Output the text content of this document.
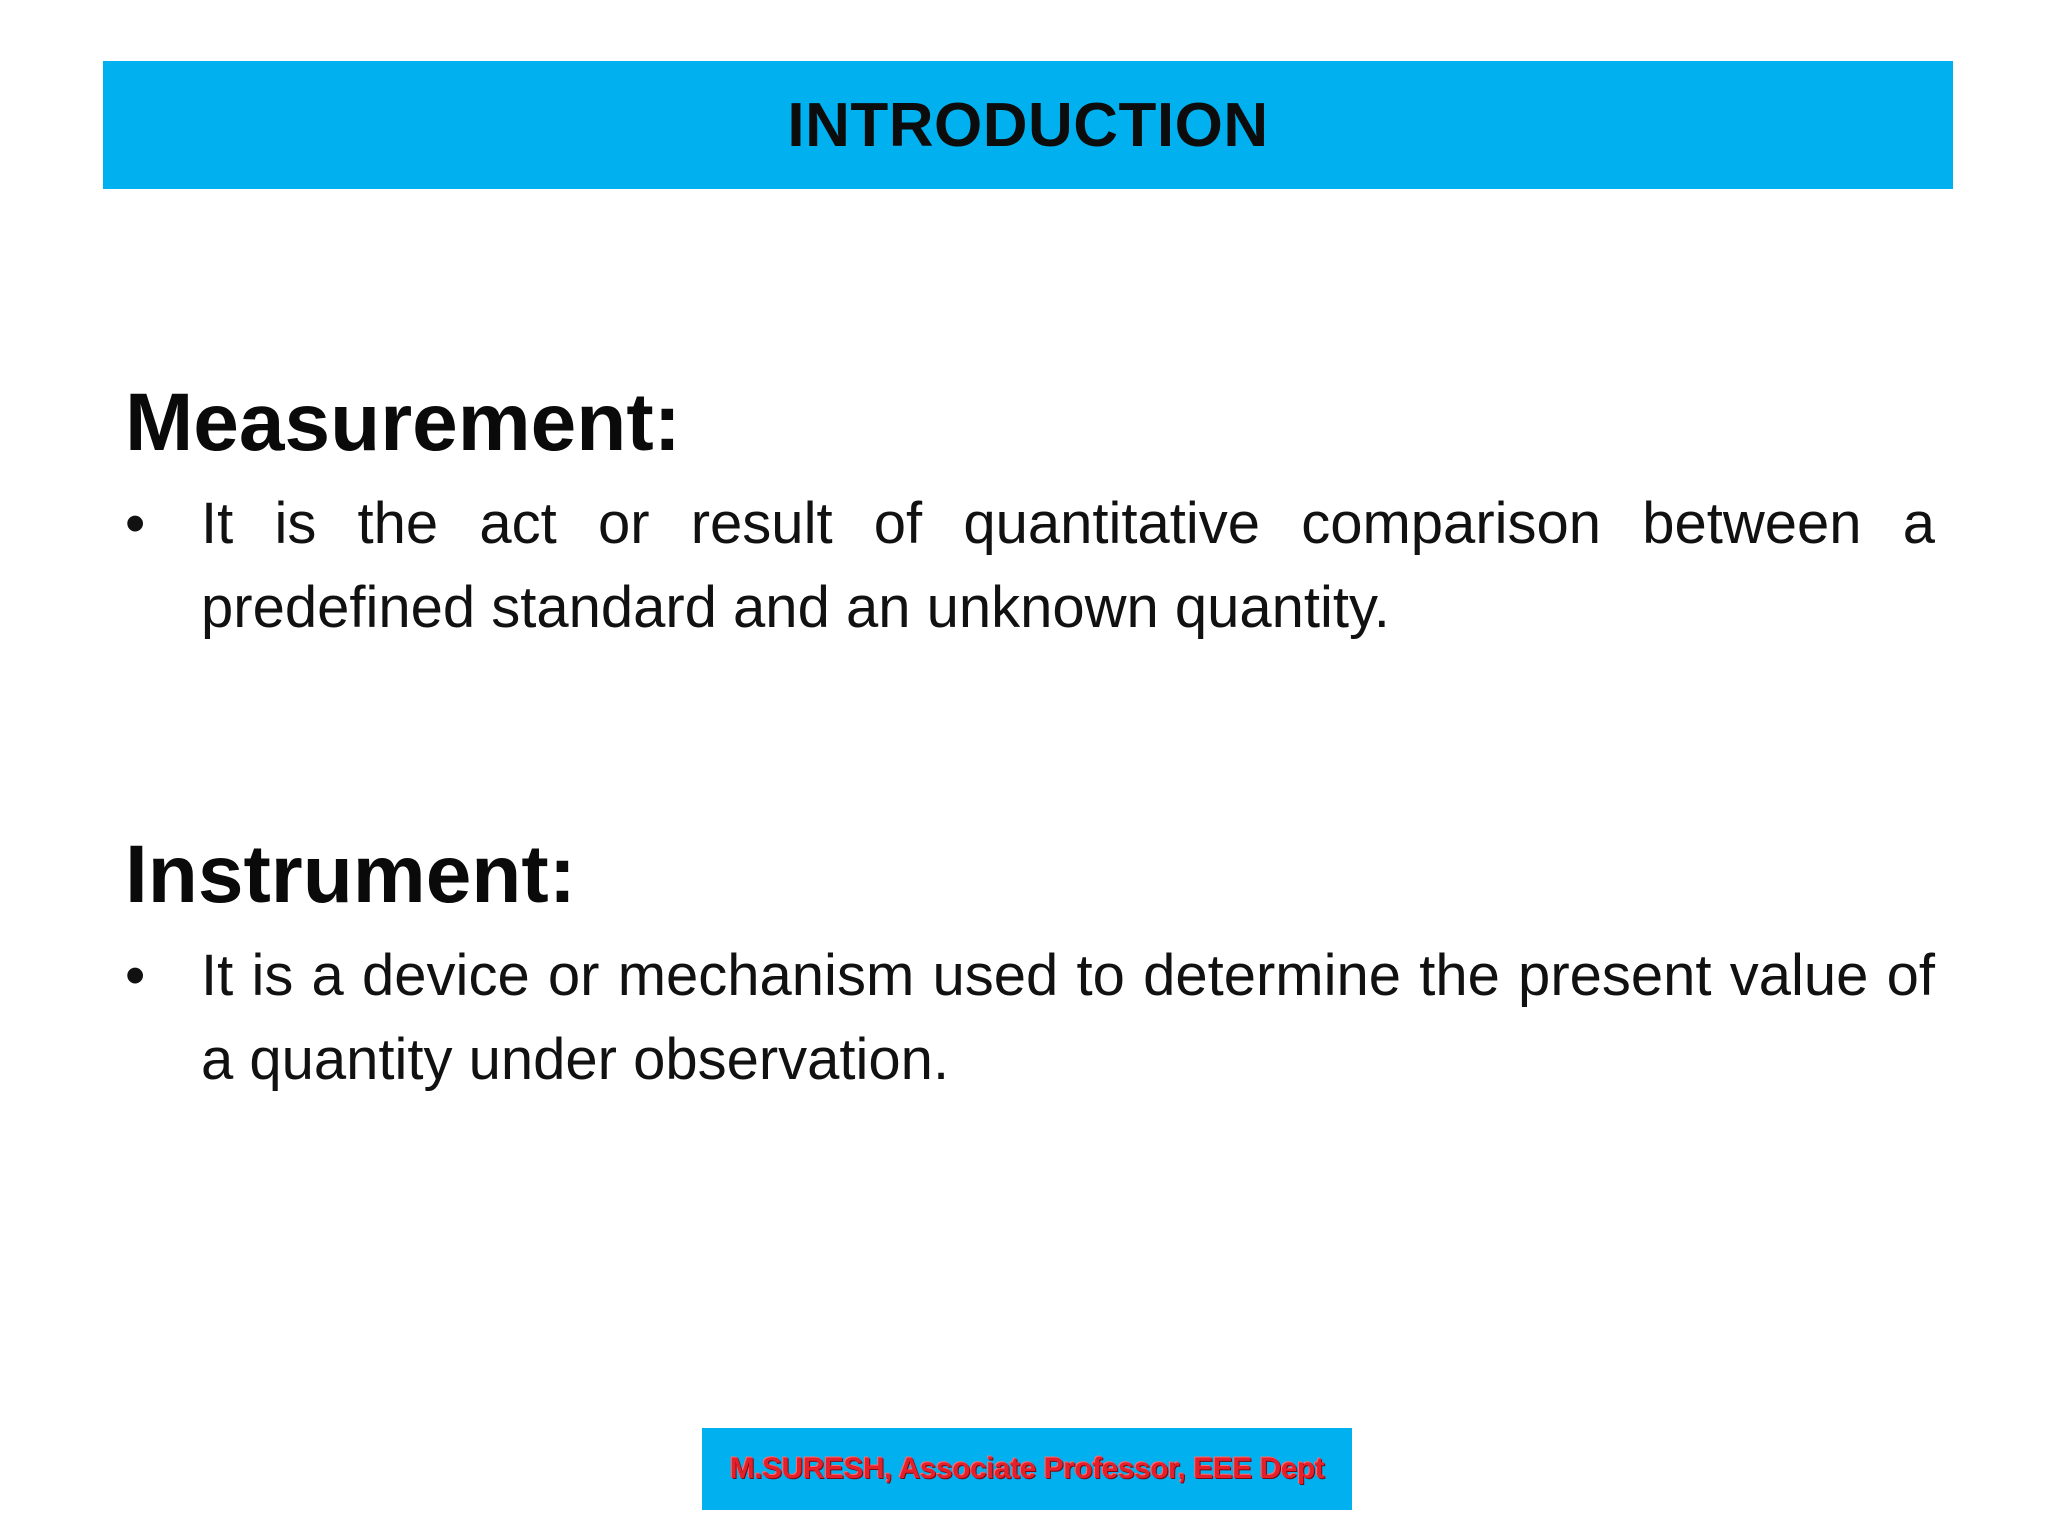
INTRODUCTION
Measurement:
• It is the act or result of quantitative comparison between a predefined standard and an unknown quantity.
Instrument:
• It is a device or mechanism used to determine the present value of a quantity under observation.
M.SURESH, Associate Professor, EEE Dept
